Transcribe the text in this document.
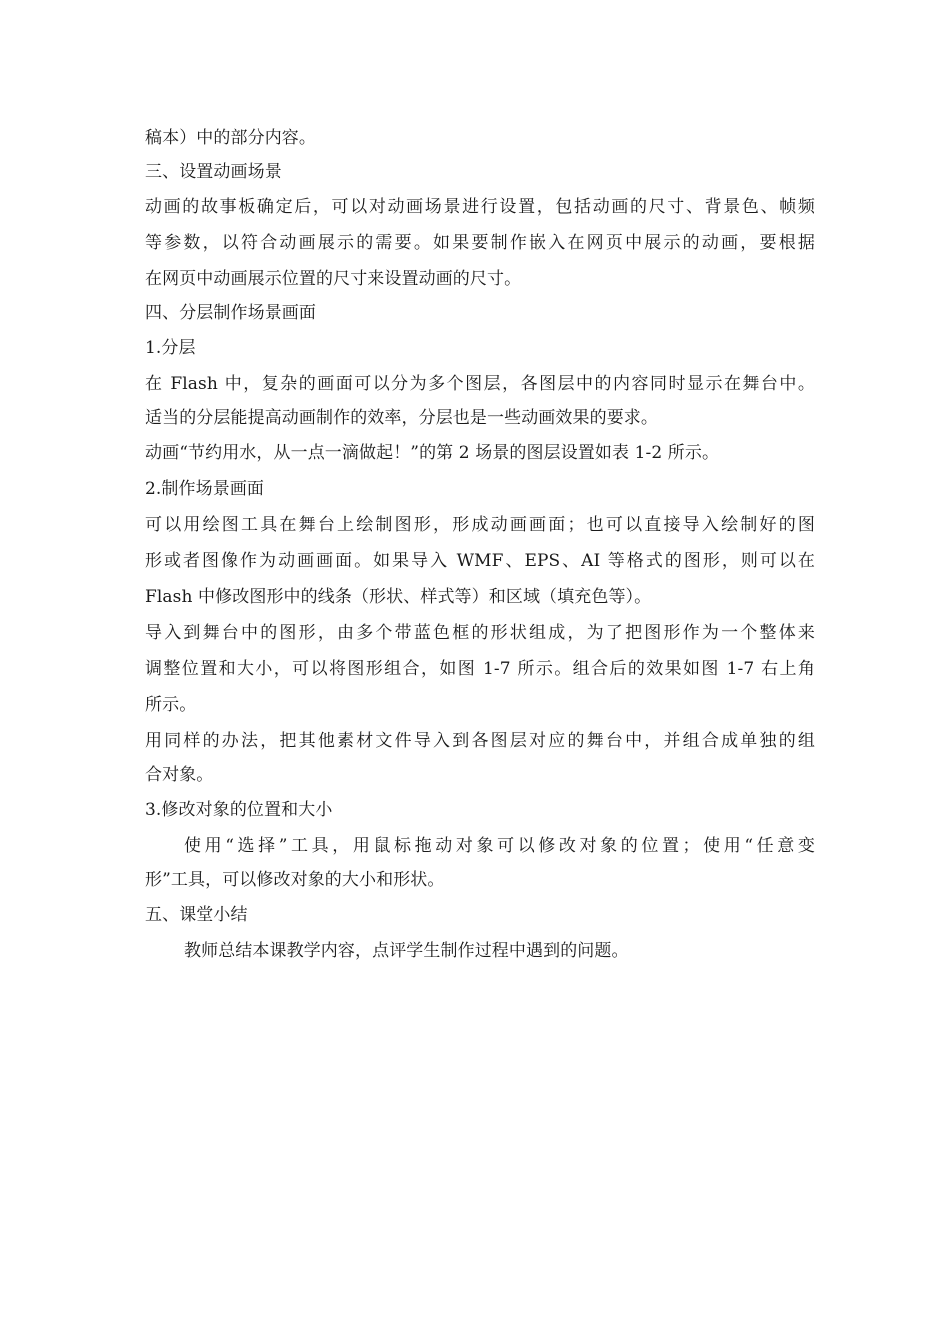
稿本）中的部分内容。
三、设置动画场景
动画的故事板确定后，可以对动画场景进行设置，包括动画的尺寸、背景色、帧频
等参数，以符合动画展示的需要。如果要制作嵌入在网页中展示的动画，要根据
在网页中动画展示位置的尺寸来设置动画的尺寸。
四、分层制作场景画面
1.分层
在 Flash 中，复杂的画面可以分为多个图层，各图层中的内容同时显示在舞台中。
适当的分层能提高动画制作的效率，分层也是一些动画效果的要求。
动画“节约用水，从一点一滴做起！”的第 2 场景的图层设置如表 1-2 所示。
2.制作场景画面
可以用绘图工具在舞台上绘制图形，形成动画画面；也可以直接导入绘制好的图
形或者图像作为动画画面。如果导入 WMF、EPS、AI 等格式的图形，则可以在
Flash 中修改图形中的线条（形状、样式等）和区域（填充色等）。
导入到舞台中的图形，由多个带蓝色框的形状组成，为了把图形作为一个整体来
调整位置和大小，可以将图形组合，如图 1-7 所示。组合后的效果如图 1-7 右上角
所示。
用同样的办法，把其他素材文件导入到各图层对应的舞台中，并组合成单独的组
合对象。
3.修改对象的位置和大小
使用“选择”工具，用鼠标拖动对象可以修改对象的位置；使用“任意变
形”工具，可以修改对象的大小和形状。
五、课堂小结
教师总结本课教学内容，点评学生制作过程中遇到的问题。
